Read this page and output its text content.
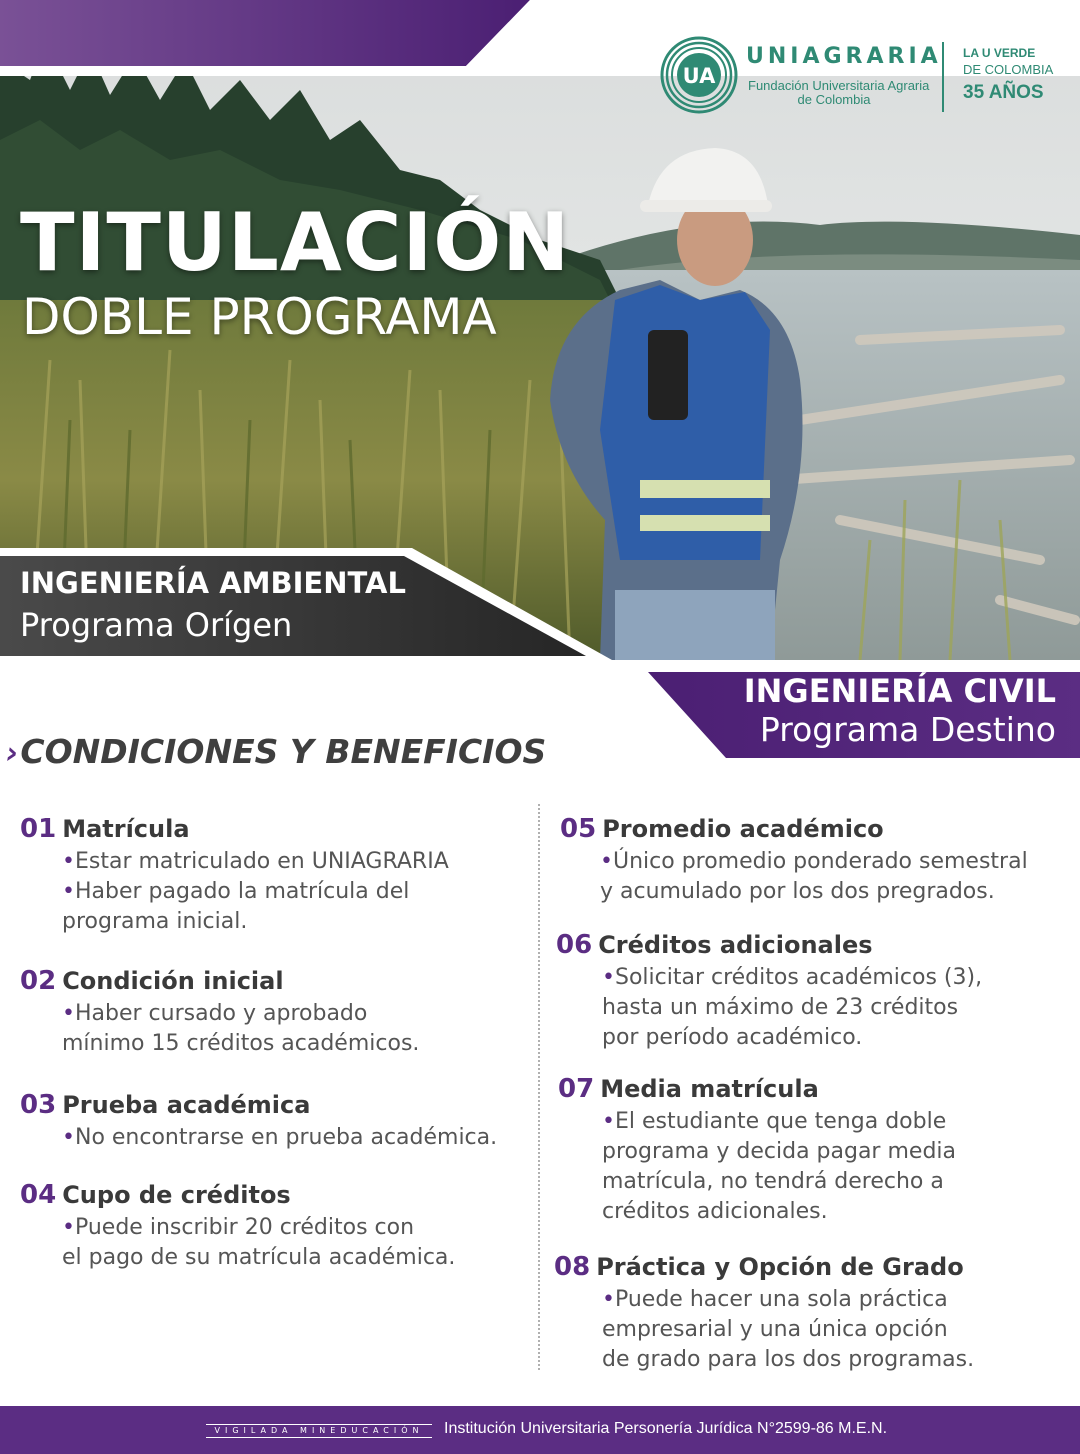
UA
UNIAGRARIA
Fundación Universitaria Agraria
de Colombia
LA U VERDE
DE COLOMBIA
35 AÑOS
TITULACIÓN
DOBLE PROGRAMA
INGENIERÍA AMBIENTAL
Programa Orígen
INGENIERÍA CIVIL
Programa Destino
›CONDICIONES Y BENEFICIOS
01 Matrícula
•Estar matriculado en UNIAGRARIA
•Haber pagado la matrícula del
programa inicial.
02 Condición inicial
•Haber cursado y aprobado
mínimo 15 créditos académicos.
03 Prueba académica
•No encontrarse en prueba académica.
04 Cupo de créditos
•Puede inscribir 20 créditos con
el pago de su matrícula académica.
05 Promedio académico
•Único promedio ponderado semestral
y acumulado por los dos pregrados.
06 Créditos adicionales
•Solicitar créditos académicos (3),
hasta un máximo de 23 créditos
por período académico.
07 Media matrícula
•El estudiante que tenga doble
programa y decida pagar media
matrícula, no tendrá derecho a
créditos adicionales.
08 Práctica y Opción de Grado
•Puede hacer una sola práctica
empresarial y una única opción
de grado para los dos programas.
VIGILADA MINEDUCACIÓN	Institución Universitaria Personería Jurídica N°2599-86 M.E.N.
